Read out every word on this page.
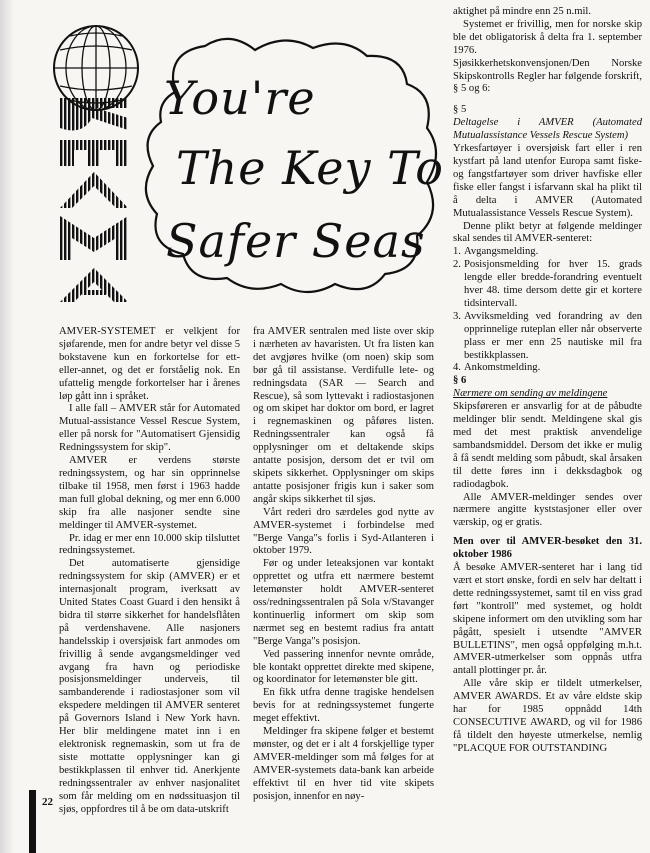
You're
The Key To
Safer Seas

AMVER-SYSTEMET er velkjent for sjøfarende, men for andre betyr vel disse 5 bokstavene kun en forkortelse for ett-eller-annet, og det er forståelig nok. En ufattelig mengde forkortelser har i årenes løp gått inn i språket.

I alle fall – AMVER står for Automated Mutual-assistance Vessel Rescue System, eller på norsk for "Automatisert Gjensidig Redningssystem for skip".

AMVER er verdens største redningssystem, og har sin opprinnelse tilbake til 1958, men først i 1963 hadde man full global dekning, og mer enn 6.000 skip fra alle nasjoner sendte sine meldinger til AMVER-systemet.

Pr. idag er mer enn 10.000 skip tilsluttet redningssystemet.

Det automatiserte gjensidige redningssystem for skip (AMVER) er et internasjonalt program, iverksatt av United States Coast Guard i den hensikt å bidra til større sikkerhet for handelsflåten på verdenshavene. Alle nasjoners handelsskip i oversjøisk fart anmodes om frivillig å sende avgangsmeldinger ved avgang fra havn og periodiske posisjonsmeldinger underveis, til sambanderende i radiostasjoner som vil ekspedere meldingen til AMVER senteret på Governors Island i New York havn. Her blir meldingene matet inn i en elektronisk regnemaskin, som ut fra de siste mottatte opplysninger kan gi bestikkplassen til enhver tid. Anerkjente redningssentraler av enhver nasjonalitet som får melding om en nødssituasjon til sjøs, oppfordres til å be om data-utskrift

fra AMVER sentralen med liste over skip i nærheten av havaristen. Ut fra listen kan det avgjøres hvilke (om noen) skip som bør gå til assistanse. Verdifulle lete- og redningsdata (SAR — Search and Rescue), så som lyttevakt i radiostasjonen og om skipet har doktor om bord, er lagret i regnemaskinen og påføres listen. Redningssentraler kan også få opplysninger om et deltakende skips antatte posisjon, dersom det er tvil om skipets sikkerhet. Opplysninger om skips antatte posisjoner frigis kun i saker som angår skips sikkerhet til sjøs.

Vårt rederi dro særdeles god nytte av AMVER-systemet i forbindelse med "Berge Vanga"s forlis i Syd-Atlanteren i oktober 1979.

Før og under leteaksjonen var kontakt opprettet og utfra ett nærmere bestemt letemønster holdt AMVER-senteret oss/redningssentralen på Sola v/Stavanger kontinuerlig informert om skip som nærmet seg en bestemt radius fra antatt "Berge Vanga"s posisjon.

Ved passering innenfor nevnte område, ble kontakt opprettet direkte med skipene, og koordinator for letemønster ble gitt.

En fikk utfra denne tragiske hendelsen bevis for at redningssystemet fungerte meget effektivt.

Meldinger fra skipene følger et bestemt mønster, og det er i alt 4 forskjellige typer AMVER-meldinger som må følges for at AMVER-systemets data-bank kan arbeide effektivt til en hver tid vite skipets posisjon, innenfor en nøy-

aktighet på mindre enn 25 n.mil.

Systemet er frivillig, men for norske skip ble det obligatorisk å delta fra 1. september 1976.

Sjøsikkerhetskonvensjonen/Den Norske Skipskontrolls Regler har følgende forskrift, § 5 og 6:

§ 5

Deltagelse i AMVER (Automated Mutualassistance Vessels Rescue System)

Yrkesfartøyer i oversjøisk fart eller i ren kystfart på land utenfor Europa samt fiske- og fangstfartøyer som driver havfiske eller fiske eller fangst i isfarvann skal ha plikt til å delta i AMVER (Automated Mutualassistance Vessels Rescue System).

Denne plikt betyr at følgende meldinger skal sendes til AMVER-senteret:

1. Avgangsmelding.

2. Posisjonsmelding for hver 15. grads lengde eller bredde-forandring eventuelt hver 48. time dersom dette gir et kortere tidsintervall.

3. Avviksmelding ved forandring av den opprinnelige ruteplan eller når observerte plass er mer enn 25 nautiske mil fra bestikkplassen.

4. Ankomstmelding.

§ 6

Nærmere om sending av meldingene

Skipsføreren er ansvarlig for at de påbudte meldinger blir sendt. Meldingene skal gis med det mest praktisk anvendelige sambandsmiddel. Dersom det ikke er mulig å få sendt melding som påbudt, skal årsaken til dette føres inn i dekksdagbok og radiodagbok.

Alle AMVER-meldinger sendes over nærmere angitte kyststasjoner eller over værskip, og er gratis.

Men over til AMVER-besøket den 31. oktober 1986

Å besøke AMVER-senteret har i lang tid vært et stort ønske, fordi en selv har deltatt i dette redningssystemet, samt til en viss grad ført "kontroll" med systemet, og holdt skipene informert om den utvikling som har pågått, spesielt i utsendte "AMVER BULLETINS", men også oppfølging m.h.t. AMVER-utmerkelser som oppnås utfra antall plottinger pr. år.

Alle våre skip er tildelt utmerkelser, AMVER AWARDS. Et av våre eldste skip har for 1985 oppnådd 14th CONSECUTIVE AWARD, og vil for 1986 få tildelt den høyeste utmerkelse, nemlig "PLACQUE FOR OUTSTANDING

22
